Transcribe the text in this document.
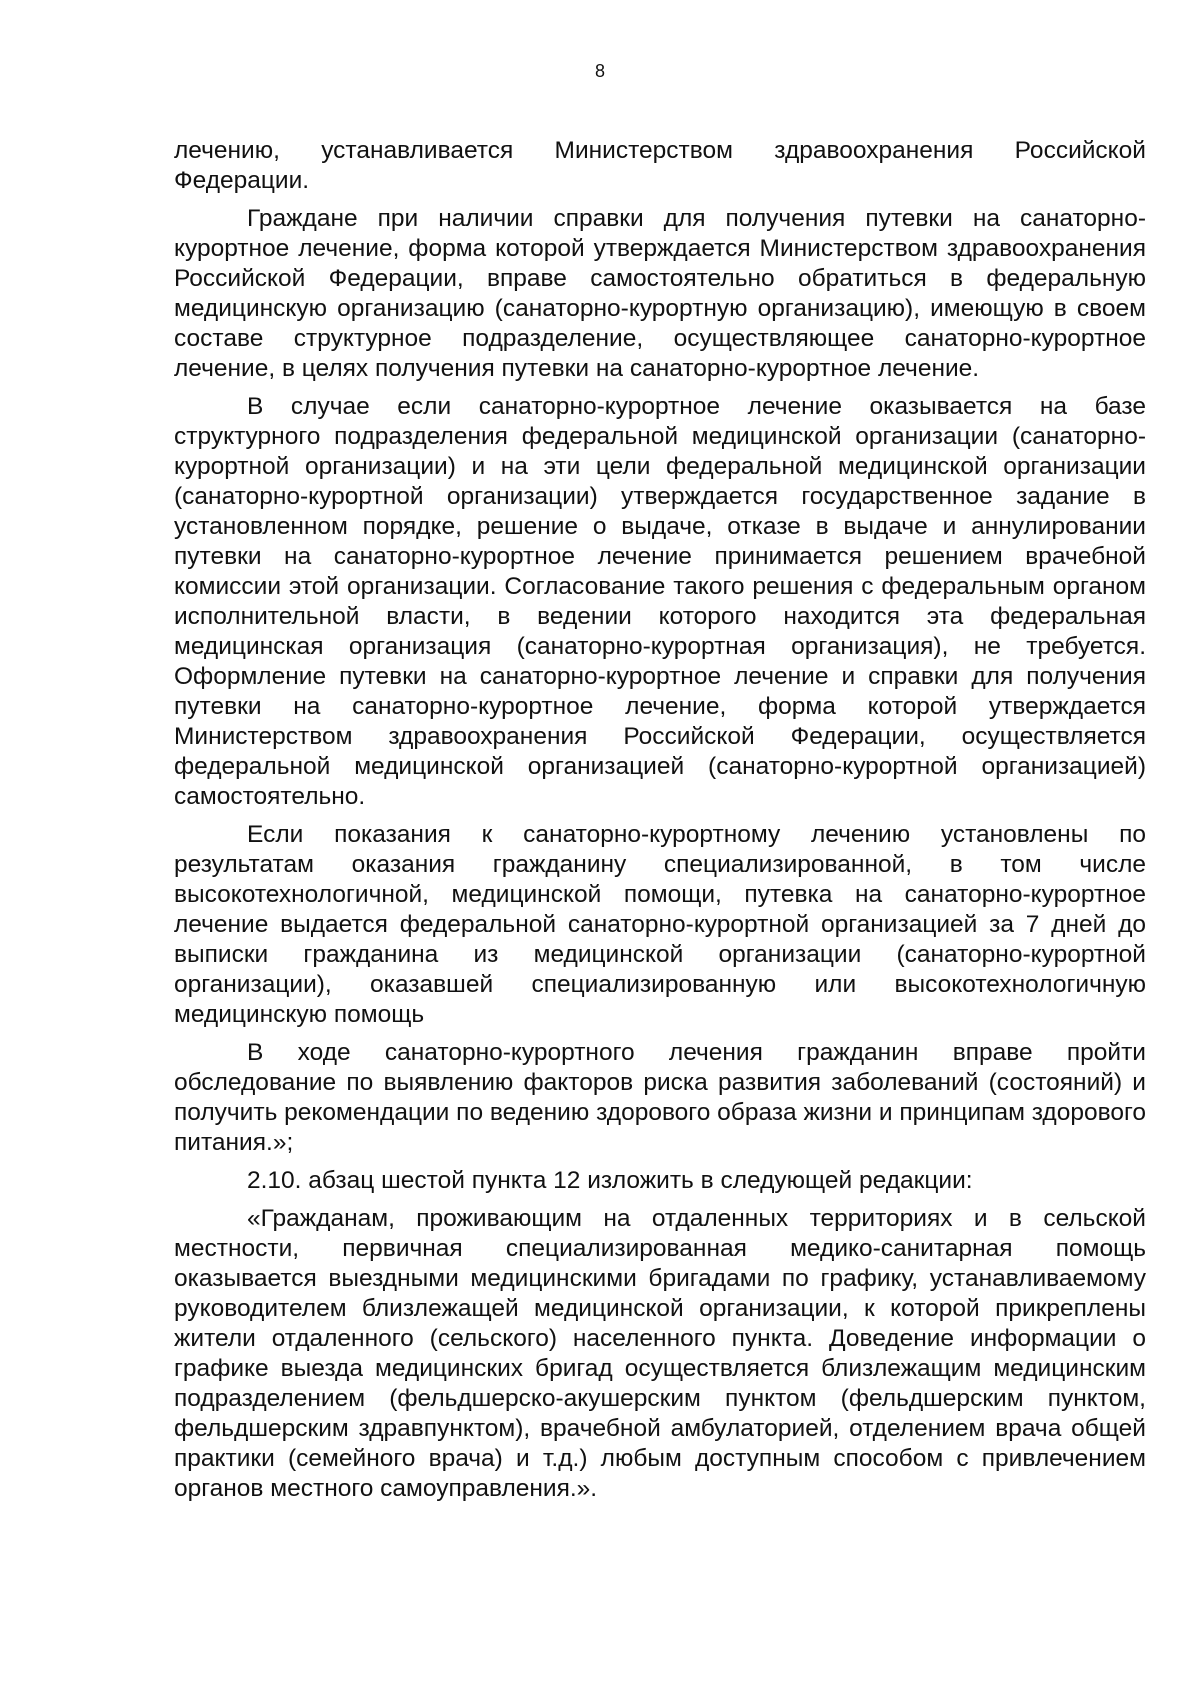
8

лечению, устанавливается Министерством здравоохранения Российской Федерации.

Граждане при наличии справки для получения путевки на санаторно-курортное лечение, форма которой утверждается Министерством здравоохранения Российской Федерации, вправе самостоятельно обратиться в федеральную медицинскую организацию (санаторно-курортную организацию), имеющую в своем составе структурное подразделение, осуществляющее санаторно-курортное лечение, в целях получения путевки на санаторно-курортное лечение.

В случае если санаторно-курортное лечение оказывается на базе структурного подразделения федеральной медицинской организации (санаторно-курортной организации) и на эти цели федеральной медицинской организации (санаторно-курортной организации) утверждается государственное задание в установленном порядке, решение о выдаче, отказе в выдаче и аннулировании путевки на санаторно-курортное лечение принимается решением врачебной комиссии этой организации. Согласование такого решения с федеральным органом исполнительной власти, в ведении которого находится эта федеральная медицинская организация (санаторно-курортная организация), не требуется. Оформление путевки на санаторно-курортное лечение и справки для получения путевки на санаторно-курортное лечение, форма которой утверждается Министерством здравоохранения Российской Федерации, осуществляется федеральной медицинской организацией (санаторно-курортной организацией) самостоятельно.

Если показания к санаторно-курортному лечению установлены по результатам оказания гражданину специализированной, в том числе высокотехнологичной, медицинской помощи, путевка на санаторно-курортное лечение выдается федеральной санаторно-курортной организацией за 7 дней до выписки гражданина из медицинской организации (санаторно-курортной организации), оказавшей специализированную или высокотехнологичную медицинскую помощь

В ходе санаторно-курортного лечения гражданин вправе пройти обследование по выявлению факторов риска развития заболеваний (состояний) и получить рекомендации по ведению здорового образа жизни и принципам здорового питания.»;

2.10. абзац шестой пункта 12 изложить в следующей редакции:

«Гражданам, проживающим на отдаленных территориях и в сельской местности, первичная специализированная медико-санитарная помощь оказывается выездными медицинскими бригадами по графику, устанавливаемому руководителем близлежащей медицинской организации, к которой прикреплены жители отдаленного (сельского) населенного пункта. Доведение информации о графике выезда медицинских бригад осуществляется близлежащим медицинским подразделением (фельдшерско-акушерским пунктом (фельдшерским пунктом, фельдшерским здравпунктом), врачебной амбулаторией, отделением врача общей практики (семейного врача) и т.д.) любым доступным способом с привлечением органов местного самоуправления.».
